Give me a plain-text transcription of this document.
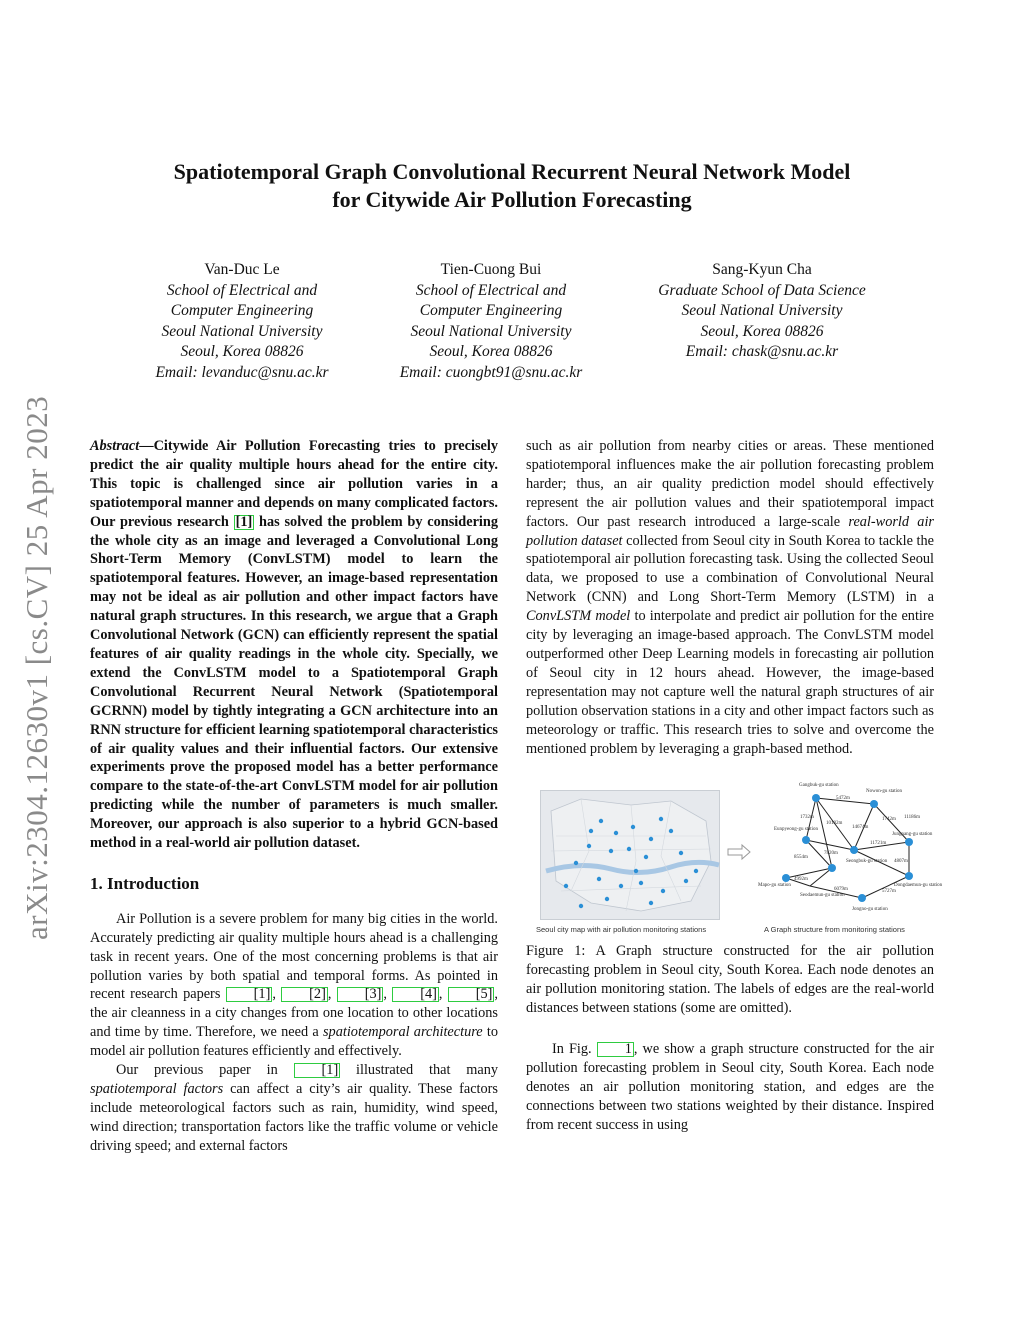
arXiv:2304.12630v1 [cs.CV] 25 Apr 2023
Spatiotemporal Graph Convolutional Recurrent Neural Network Model
for Citywide Air Pollution Forecasting
Van-Duc Le
School of Electrical and
Computer Engineering
Seoul National University
Seoul, Korea 08826
Email: levanduc@snu.ac.kr
Tien-Cuong Bui
School of Electrical and
Computer Engineering
Seoul National University
Seoul, Korea 08826
Email: cuongbt91@snu.ac.kr
Sang-Kyun Cha
Graduate School of Data Science
Seoul National University
Seoul, Korea 08826
Email: chask@snu.ac.kr

Abstract—Citywide Air Pollution Forecasting tries to precisely predict the air quality multiple hours ahead for the entire city. This topic is challenged since air pollution varies in a spatiotemporal manner and depends on many complicated factors. Our previous research [1] has solved the problem by considering the whole city as an image and leveraged a Convolutional Long Short-Term Memory (ConvLSTM) model to learn the spatiotemporal features. However, an image-based representation may not be ideal as air pollution and other impact factors have natural graph structures. In this research, we argue that a Graph Convolutional Network (GCN) can efficiently represent the spatial features of air quality readings in the whole city. Specially, we extend the ConvLSTM model to a Spatiotemporal Graph Convolutional Recurrent Neural Network (Spatiotemporal GCRNN) model by tightly integrating a GCN architecture into an RNN structure for efficient learning spatiotemporal characteristics of air quality values and their influential factors. Our extensive experiments prove the proposed model has a better performance compare to the state-of-the-art ConvLSTM model for air pollution predicting while the number of parameters is much smaller. Moreover, our approach is also superior to a hybrid GCN-based method in a real-world air pollution dataset.

1. Introduction

Air Pollution is a severe problem for many big cities in the world. Accurately predicting air quality multiple hours ahead is a challenging task in recent years. One of the most concerning problems is that air pollution varies by both spatial and temporal forms. As pointed in recent research papers [1] , [2] , [3] , [4] , [5] , the air cleanness in a city changes from one location to other locations and time by time. Therefore, we need a spatiotemporal architecture to model air pollution features efficiently and effectively.

Our previous paper in [1] illustrated that many spatiotemporal factors can affect a city’s air quality. These factors include meteorological factors such as rain, humidity, wind speed, wind direction; transportation factors like the traffic volume or vehicle driving speed; and external factors

such as air pollution from nearby cities or areas. These mentioned spatiotemporal influences make the air pollution forecasting problem harder; thus, an air quality prediction model should effectively represent the air pollution values and their spatiotemporal impact factors. Our past research introduced a large-scale real-world air pollution dataset collected from Seoul city in South Korea to tackle the spatiotemporal air pollution forecasting task. Using the collected Seoul data, we proposed to use a combination of Convolutional Neural Network (CNN) and Long Short-Term Memory (LSTM) in a ConvLSTM model to interpolate and predict air pollution for the entire city by leveraging an image-based approach. The ConvLSTM model outperformed other Deep Learning models in forecasting air pollution of Seoul city in 12 hours ahead. However, the image-based representation may not capture well the natural graph structures of air pollution observation stations in a city and other impact factors such as meteorology or traffic. This research tries to solve and overcome the mentioned problem by leveraging a graph-based method.

Seoul city map with air pollution monitoring stations
Gangbuk-gu station
Nowon-gu station
Eunpyeong-gu station
Seongbuk-gu station
Jungnang-gu station
Mapo-gu station
Seodaemun-gu station
Dongdaemun-gu station
Jongno-gu station
5472m
1742m
1732m
10182m
14674m
11186m
8554m
7820m
11721m
4807m
6079m	5727m
4992m
A Graph structure from monitoring stations

Figure 1: A Graph structure constructed for the air pollution forecasting problem in Seoul city, South Korea. Each node denotes an air pollution monitoring station. The labels of edges are the real-world distances between stations (some are omitted).

In Fig. 1 , we show a graph structure constructed for the air pollution forecasting problem in Seoul city, South Korea. Each node denotes an air pollution monitoring station, and edges are the connections between two stations weighted by their distance. Inspired from recent success in using
